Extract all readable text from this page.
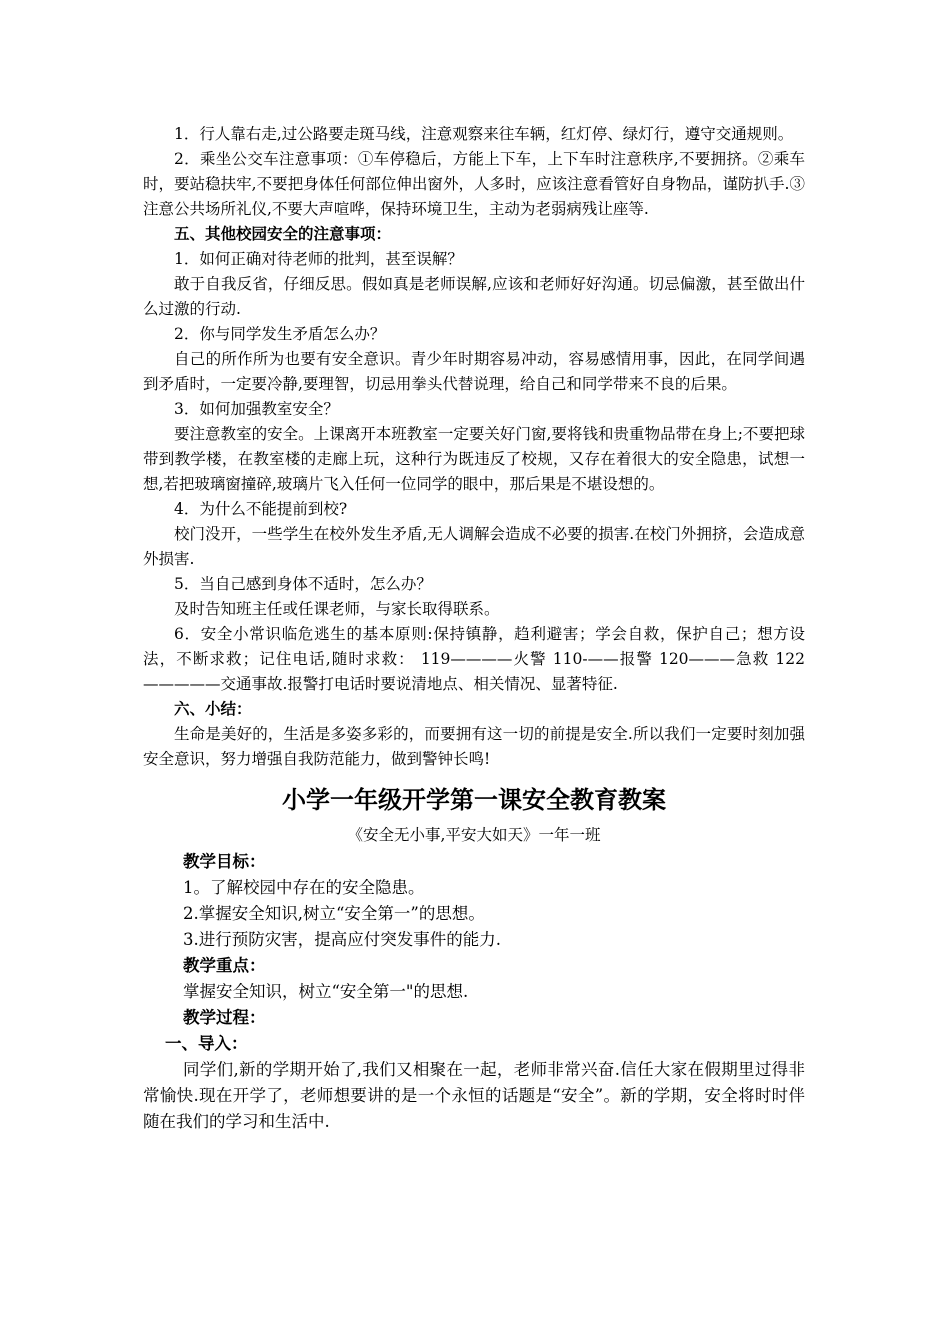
1．行人靠右走,过公路要走斑马线，注意观察来往车辆，红灯停、绿灯行，遵守交通规则。

2．乘坐公交车注意事项：①车停稳后，方能上下车，上下车时注意秩序,不要拥挤。②乘车时，要站稳扶牢,不要把身体任何部位伸出窗外，人多时，应该注意看管好自身物品，谨防扒手.③注意公共场所礼仪,不要大声喧哗，保持环境卫生，主动为老弱病残让座等.

五、其他校园安全的注意事项：

1．如何正确对待老师的批判，甚至误解？

敢于自我反省，仔细反思。假如真是老师误解,应该和老师好好沟通。切忌偏激，甚至做出什么过激的行动.

2．你与同学发生矛盾怎么办？

自己的所作所为也要有安全意识。青少年时期容易冲动，容易感情用事，因此，在同学间遇到矛盾时，一定要冷静,要理智，切忌用拳头代替说理，给自己和同学带来不良的后果。

3．如何加强教室安全？

要注意教室的安全。上课离开本班教室一定要关好门窗,要将钱和贵重物品带在身上;不要把球带到教学楼，在教室楼的走廊上玩，这种行为既违反了校规，又存在着很大的安全隐患，试想一想,若把玻璃窗撞碎,玻璃片飞入任何一位同学的眼中，那后果是不堪设想的。

4．为什么不能提前到校?

校门没开，一些学生在校外发生矛盾,无人调解会造成不必要的损害.在校门外拥挤，会造成意外损害.

5．当自己感到身体不适时，怎么办？

及时告知班主任或任课老师，与家长取得联系。

6．安全小常识临危逃生的基本原则:保持镇静，趋利避害；学会自救，保护自己；想方设法，不断求救；记住电话,随时求救： 119————火警 110-——报警 120———急救 122—————交通事故.报警打电话时要说清地点、相关情况、显著特征.

六、小结：

生命是美好的，生活是多姿多彩的，而要拥有这一切的前提是安全.所以我们一定要时刻加强安全意识，努力增强自我防范能力，做到警钟长鸣!

小学一年级开学第一课安全教育教案
《安全无小事,平安大如天》一年一班

教学目标：

1。了解校园中存在的安全隐患。

2.掌握安全知识,树立“安全第一”的思想。

3.进行预防灾害，提高应付突发事件的能力.

教学重点：

掌握安全知识，树立“安全第一"的思想.

教学过程：

一、导入：

同学们,新的学期开始了,我们又相聚在一起，老师非常兴奋.信任大家在假期里过得非常愉快.现在开学了，老师想要讲的是一个永恒的话题是“安全”。新的学期，安全将时时伴随在我们的学习和生活中.
